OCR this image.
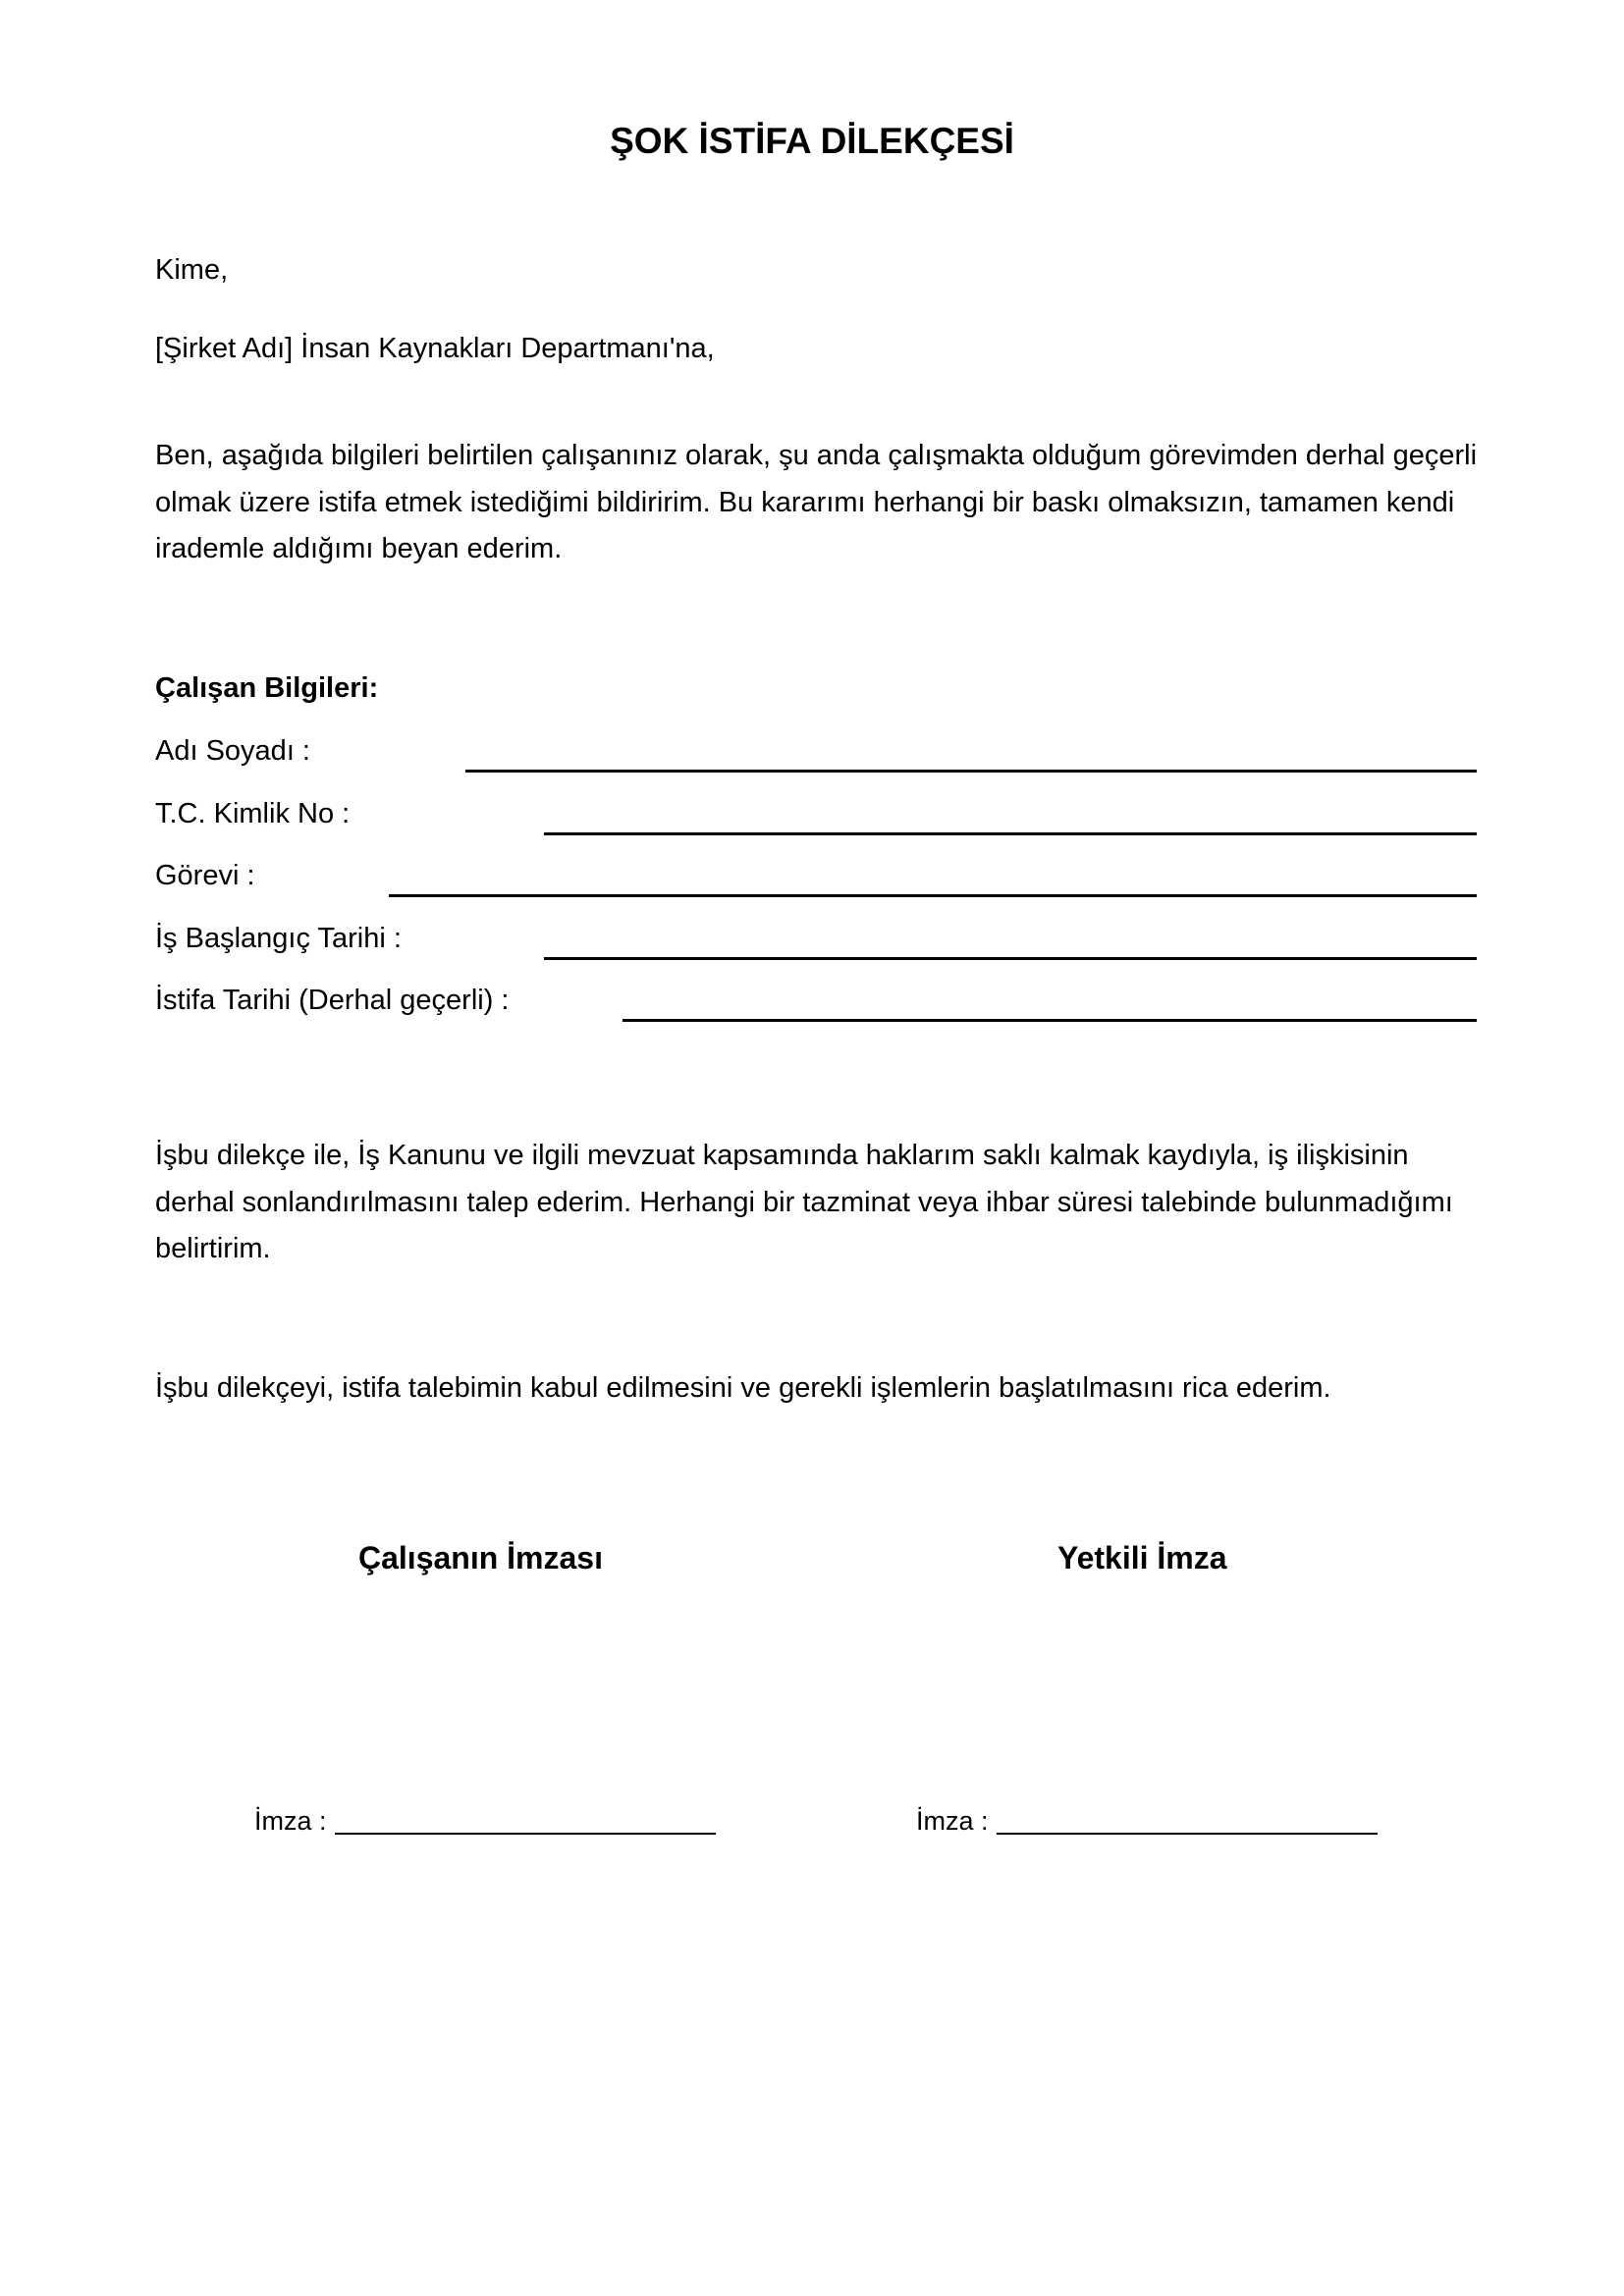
ŞOK İSTİFA DİLEKÇESİ
Kime,
[Şirket Adı] İnsan Kaynakları Departmanı'na,
Ben, aşağıda bilgileri belirtilen çalışanınız olarak, şu anda çalışmakta olduğum görevimden derhal geçerli olmak üzere istifa etmek istediğimi bildiririm. Bu kararımı herhangi bir baskı olmaksızın, tamamen kendi irademle aldığımı beyan ederim.
Çalışan Bilgileri:
Adı Soyadı :
T.C. Kimlik No :
Görevi :
İş Başlangıç Tarihi :
İstifa Tarihi (Derhal geçerli) :
İşbu dilekçe ile, İş Kanunu ve ilgili mevzuat kapsamında haklarım saklı kalmak kaydıyla, iş ilişkisinin derhal sonlandırılmasını talep ederim. Herhangi bir tazminat veya ihbar süresi talebinde bulunmadığımı belirtirim.
İşbu dilekçeyi, istifa talebimin kabul edilmesini ve gerekli işlemlerin başlatılmasını rica ederim.
Çalışanın İmzası	Yetkili İmza
İmza :	İmza :
